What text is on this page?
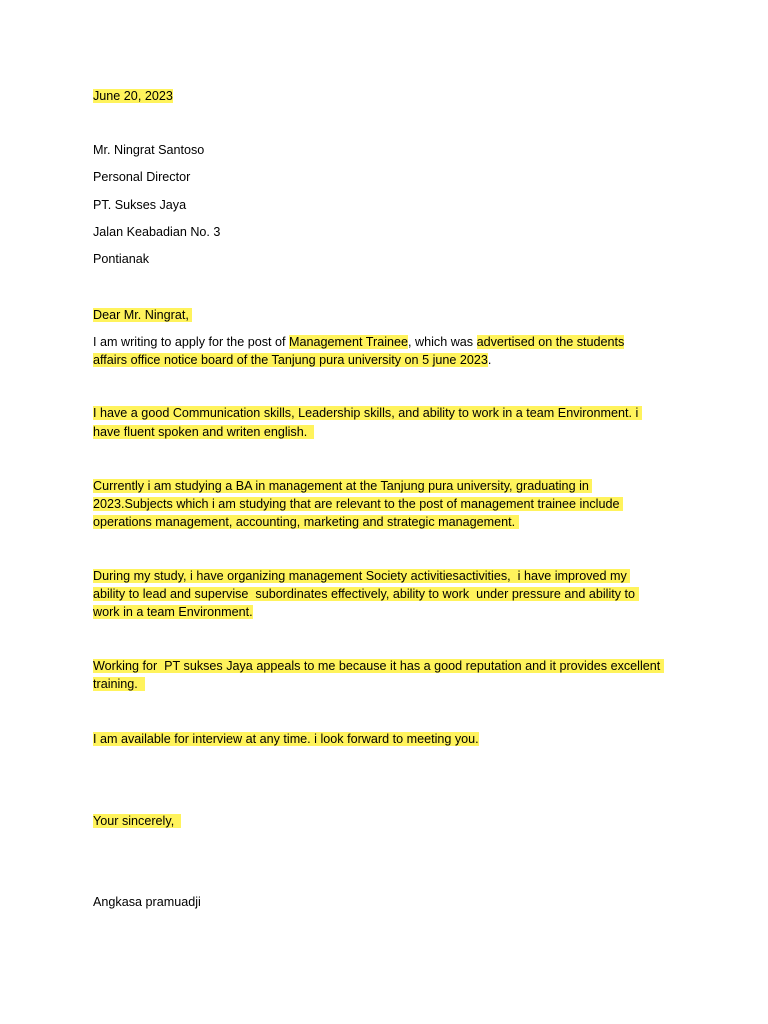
June 20, 2023
Mr. Ningrat Santoso
Personal Director
PT. Sukses Jaya
Jalan Keabadian No. 3
Pontianak
Dear Mr. Ningrat,
I am writing to apply for the post of Management Trainee, which was advertised on the students
affairs office notice board of the Tanjung pura university on 5 june 2023.
I have a good Communication skills, Leadership skills, and ability to work in a team Environment. i
have fluent spoken and writen english.
Currently i am studying a BA in management at the Tanjung pura university, graduating in
2023.Subjects which i am studying that are relevant to the post of management trainee include
operations management, accounting, marketing and strategic management.
During my study, i have organizing management Society activitiesactivities,  i have improved my
ability to lead and supervise  subordinates effectively, ability to work  under pressure and ability to
work in a team Environment.
Working for  PT sukses Jaya appeals to me because it has a good reputation and it provides excellent
training.
I am available for interview at any time. i look forward to meeting you.
Your sincerely,
Angkasa pramuadji
